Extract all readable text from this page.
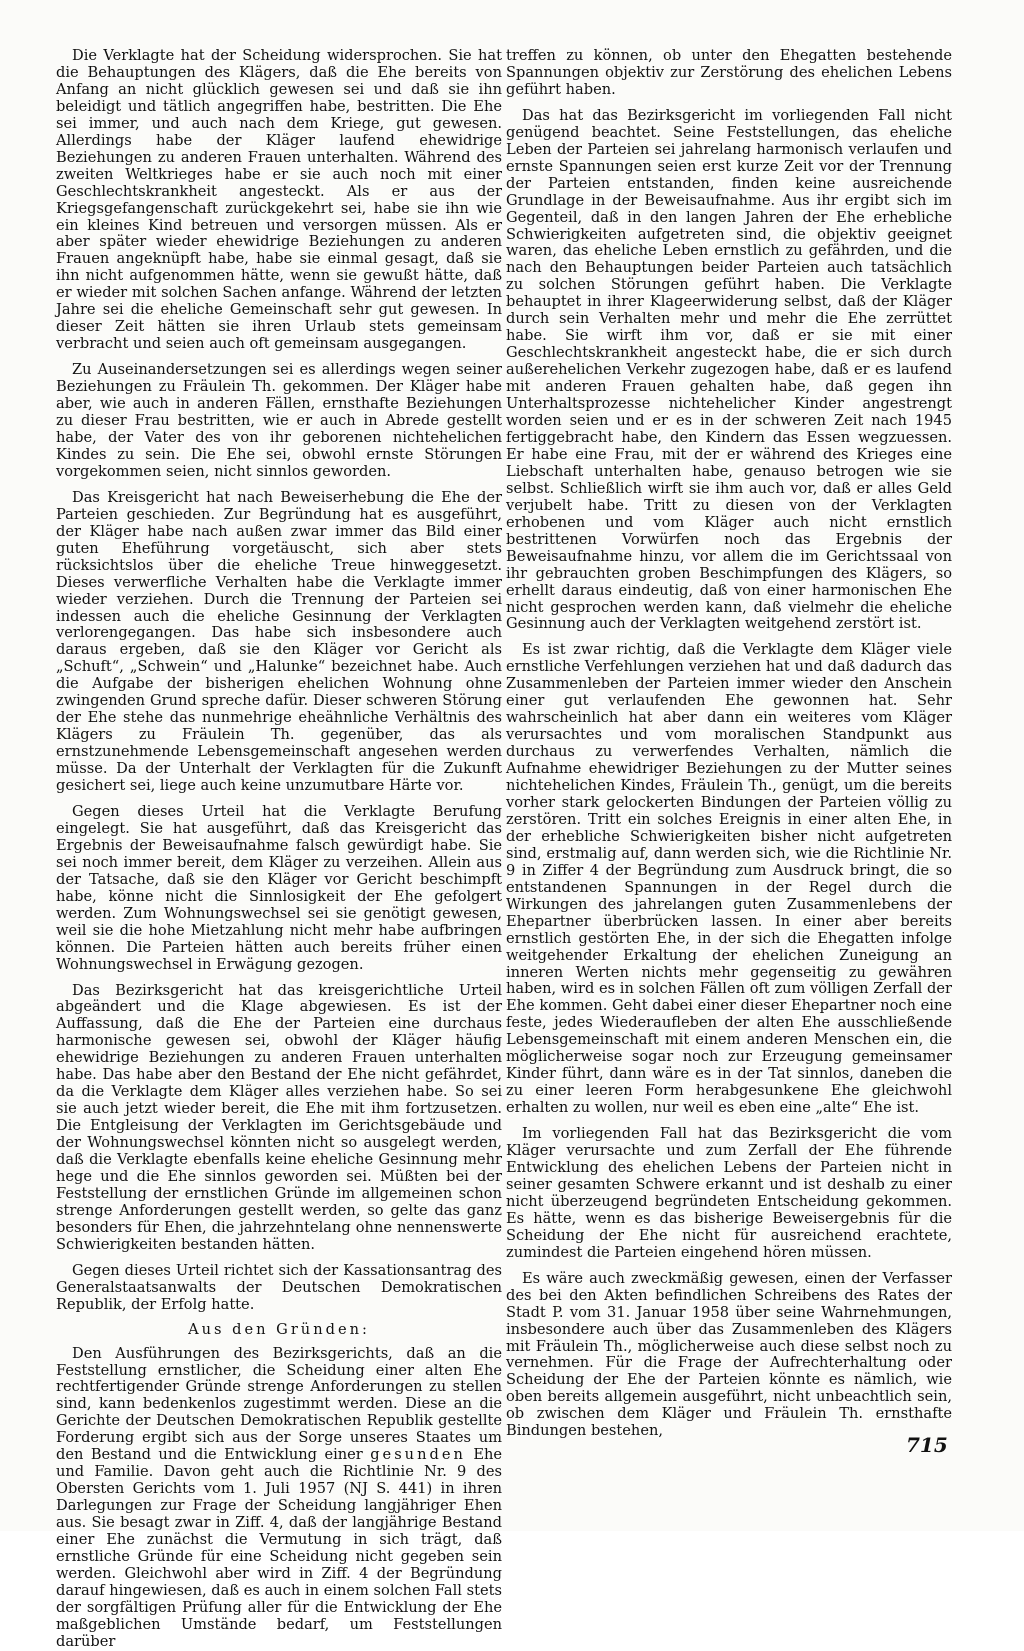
Die Verklagte hat der Scheidung widersprochen. Sie hat die Behauptungen des Klägers, daß die Ehe bereits von Anfang an nicht glücklich gewesen sei und daß sie ihn beleidigt und tätlich angegriffen habe, bestritten. Die Ehe sei immer, und auch nach dem Kriege, gut gewesen. Allerdings habe der Kläger laufend ehewidrige Beziehungen zu anderen Frauen unterhalten. Während des zweiten Weltkrieges habe er sie auch noch mit einer Geschlechtskrankheit angesteckt. Als er aus der Kriegsgefangenschaft zurückgekehrt sei, habe sie ihn wie ein kleines Kind betreuen und versorgen müssen. Als er aber später wieder ehewidrige Beziehungen zu anderen Frauen angeknüpft habe, habe sie einmal gesagt, daß sie ihn nicht aufgenommen hätte, wenn sie gewußt hätte, daß er wieder mit solchen Sachen anfange. Während der letzten Jahre sei die eheliche Gemeinschaft sehr gut gewesen. In dieser Zeit hätten sie ihren Urlaub stets gemeinsam verbracht und seien auch oft gemeinsam ausgegangen.

Zu Auseinandersetzungen sei es allerdings wegen seiner Beziehungen zu Fräulein Th. gekommen. Der Kläger habe aber, wie auch in anderen Fällen, ernsthafte Beziehungen zu dieser Frau bestritten, wie er auch in Abrede gestellt habe, der Vater des von ihr geborenen nichtehelichen Kindes zu sein. Die Ehe sei, obwohl ernste Störungen vorgekommen seien, nicht sinnlos geworden.

Das Kreisgericht hat nach Beweiserhebung die Ehe der Parteien geschieden. Zur Begründung hat es ausgeführt, der Kläger habe nach außen zwar immer das Bild einer guten Eheführung vorgetäuscht, sich aber stets rücksichtslos über die eheliche Treue hinweggesetzt. Dieses verwerfliche Verhalten habe die Verklagte immer wieder verziehen. Durch die Trennung der Parteien sei indessen auch die eheliche Gesinnung der Verklagten verlorengegangen. Das habe sich insbesondere auch daraus ergeben, daß sie den Kläger vor Gericht als „Schuft“, „Schwein“ und „Halunke“ bezeichnet habe. Auch die Aufgabe der bisherigen ehelichen Wohnung ohne zwingenden Grund spreche dafür. Dieser schweren Störung der Ehe stehe das nunmehrige eheähnliche Verhältnis des Klägers zu Fräulein Th. gegenüber, das als ernstzunehmende Lebensgemeinschaft angesehen werden müsse. Da der Unterhalt der Verklagten für die Zukunft gesichert sei, liege auch keine unzumutbare Härte vor.

Gegen dieses Urteil hat die Verklagte Berufung eingelegt. Sie hat ausgeführt, daß das Kreisgericht das Ergebnis der Beweisaufnahme falsch gewürdigt habe. Sie sei noch immer bereit, dem Kläger zu verzeihen. Allein aus der Tatsache, daß sie den Kläger vor Gericht beschimpft habe, könne nicht die Sinnlosigkeit der Ehe gefolgert werden. Zum Wohnungswechsel sei sie genötigt gewesen, weil sie die hohe Mietzahlung nicht mehr habe aufbringen können. Die Parteien hätten auch bereits früher einen Wohnungswechsel in Erwägung gezogen.

Das Bezirksgericht hat das kreisgerichtliche Urteil abgeändert und die Klage abgewiesen. Es ist der Auffassung, daß die Ehe der Parteien eine durchaus harmonische gewesen sei, obwohl der Kläger häufig ehewidrige Beziehungen zu anderen Frauen unterhalten habe. Das habe aber den Bestand der Ehe nicht gefährdet, da die Verklagte dem Kläger alles verziehen habe. So sei sie auch jetzt wieder bereit, die Ehe mit ihm fortzusetzen. Die Entgleisung der Verklagten im Gerichtsgebäude und der Wohnungswechsel könnten nicht so ausgelegt werden, daß die Verklagte ebenfalls keine eheliche Gesinnung mehr hege und die Ehe sinnlos geworden sei. Müßten bei der Feststellung der ernstlichen Gründe im allgemeinen schon strenge Anforderungen gestellt werden, so gelte das ganz besonders für Ehen, die jahrzehntelang ohne nennenswerte Schwierigkeiten bestanden hätten.

Gegen dieses Urteil richtet sich der Kassationsantrag des Generalstaatsanwalts der Deutschen Demokratischen Republik, der Erfolg hatte.

Aus den Gründen:

Den Ausführungen des Bezirksgerichts, daß an die Feststellung ernstlicher, die Scheidung einer alten Ehe rechtfertigender Gründe strenge Anforderungen zu stellen sind, kann bedenkenlos zugestimmt werden. Diese an die Gerichte der Deutschen Demokratischen Republik gestellte Forderung ergibt sich aus der Sorge unseres Staates um den Bestand und die Entwicklung einer gesunden Ehe und Familie. Davon geht auch die Richtlinie Nr. 9 des Obersten Gerichts vom 1. Juli 1957 (NJ S. 441) in ihren Darlegungen zur Frage der Scheidung langjähriger Ehen aus. Sie besagt zwar in Ziff. 4, daß der langjährige Bestand einer Ehe zunächst die Vermutung in sich trägt, daß ernstliche Gründe für eine Scheidung nicht gegeben sein werden. Gleichwohl aber wird in Ziff. 4 der Begründung darauf hingewiesen, daß es auch in einem solchen Fall stets der sorgfältigen Prüfung aller für die Entwicklung der Ehe maßgeblichen Umstände bedarf, um Feststellungen darüber

treffen zu können, ob unter den Ehegatten bestehende Spannungen objektiv zur Zerstörung des ehelichen Lebens geführt haben.

Das hat das Bezirksgericht im vorliegenden Fall nicht genügend beachtet. Seine Feststellungen, das eheliche Leben der Parteien sei jahrelang harmonisch verlaufen und ernste Spannungen seien erst kurze Zeit vor der Trennung der Parteien entstanden, finden keine ausreichende Grundlage in der Beweisaufnahme. Aus ihr ergibt sich im Gegenteil, daß in den langen Jahren der Ehe erhebliche Schwierigkeiten aufgetreten sind, die objektiv geeignet waren, das eheliche Leben ernstlich zu gefährden, und die nach den Behauptungen beider Parteien auch tatsächlich zu solchen Störungen geführt haben. Die Verklagte behauptet in ihrer Klageerwiderung selbst, daß der Kläger durch sein Verhalten mehr und mehr die Ehe zerrüttet habe. Sie wirft ihm vor, daß er sie mit einer Geschlechtskrankheit angesteckt habe, die er sich durch außerehelichen Verkehr zugezogen habe, daß er es laufend mit anderen Frauen gehalten habe, daß gegen ihn Unterhaltsprozesse nichtehelicher Kinder angestrengt worden seien und er es in der schweren Zeit nach 1945 fertiggebracht habe, den Kindern das Essen wegzuessen. Er habe eine Frau, mit der er während des Krieges eine Liebschaft unterhalten habe, genauso betrogen wie sie selbst. Schließlich wirft sie ihm auch vor, daß er alles Geld verjubelt habe. Tritt zu diesen von der Verklagten erhobenen und vom Kläger auch nicht ernstlich bestrittenen Vorwürfen noch das Ergebnis der Beweisaufnahme hinzu, vor allem die im Gerichtssaal von ihr gebrauchten groben Beschimpfungen des Klägers, so erhellt daraus eindeutig, daß von einer harmonischen Ehe nicht gesprochen werden kann, daß vielmehr die eheliche Gesinnung auch der Verklagten weitgehend zerstört ist.

Es ist zwar richtig, daß die Verklagte dem Kläger viele ernstliche Verfehlungen verziehen hat und daß dadurch das Zusammenleben der Parteien immer wieder den Anschein einer gut verlaufenden Ehe gewonnen hat. Sehr wahrscheinlich hat aber dann ein weiteres vom Kläger verursachtes und vom moralischen Standpunkt aus durchaus zu verwerfendes Verhalten, nämlich die Aufnahme ehewidriger Beziehungen zu der Mutter seines nichtehelichen Kindes, Fräulein Th., genügt, um die bereits vorher stark gelockerten Bindungen der Parteien völlig zu zerstören. Tritt ein solches Ereignis in einer alten Ehe, in der erhebliche Schwierigkeiten bisher nicht aufgetreten sind, erstmalig auf, dann werden sich, wie die Richtlinie Nr. 9 in Ziffer 4 der Begründung zum Ausdruck bringt, die so entstandenen Spannungen in der Regel durch die Wirkungen des jahrelangen guten Zusammenlebens der Ehepartner überbrücken lassen. In einer aber bereits ernstlich gestörten Ehe, in der sich die Ehegatten infolge weitgehender Erkaltung der ehelichen Zuneigung an inneren Werten nichts mehr gegenseitig zu gewähren haben, wird es in solchen Fällen oft zum völligen Zerfall der Ehe kommen. Geht dabei einer dieser Ehepartner noch eine feste, jedes Wiederaufleben der alten Ehe ausschließende Lebensgemeinschaft mit einem anderen Menschen ein, die möglicherweise sogar noch zur Erzeugung gemeinsamer Kinder führt, dann wäre es in der Tat sinnlos, daneben die zu einer leeren Form herabgesunkene Ehe gleichwohl erhalten zu wollen, nur weil es eben eine „alte“ Ehe ist.

Im vorliegenden Fall hat das Bezirksgericht die vom Kläger verursachte und zum Zerfall der Ehe führende Entwicklung des ehelichen Lebens der Parteien nicht in seiner gesamten Schwere erkannt und ist deshalb zu einer nicht überzeugend begründeten Entscheidung gekommen. Es hätte, wenn es das bisherige Beweisergebnis für die Scheidung der Ehe nicht für ausreichend erachtete, zumindest die Parteien eingehend hören müssen.

Es wäre auch zweckmäßig gewesen, einen der Verfasser des bei den Akten befindlichen Schreibens des Rates der Stadt P. vom 31. Januar 1958 über seine Wahrnehmungen, insbesondere auch über das Zusammenleben des Klägers mit Fräulein Th., möglicherweise auch diese selbst noch zu vernehmen. Für die Frage der Aufrechterhaltung oder Scheidung der Ehe der Parteien könnte es nämlich, wie oben bereits allgemein ausgeführt, nicht unbeachtlich sein, ob zwischen dem Kläger und Fräulein Th. ernsthafte Bindungen bestehen,

715
